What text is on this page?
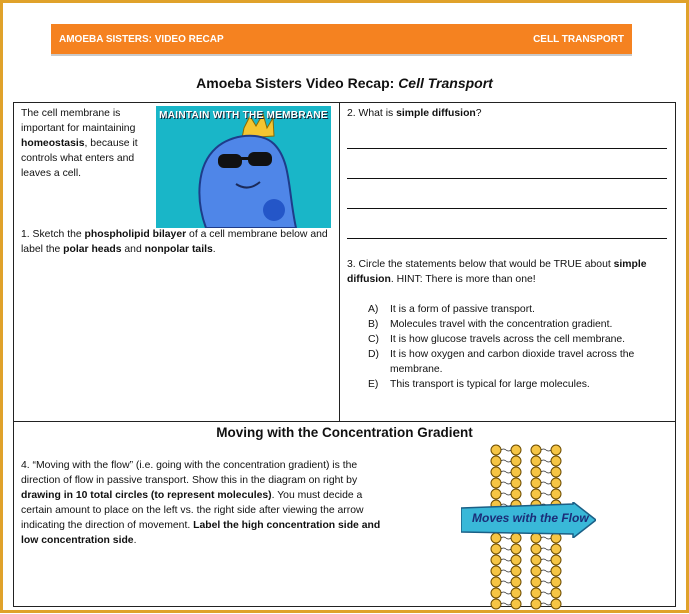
AMOEBA SISTERS: VIDEO RECAP	CELL TRANSPORT
Amoeba Sisters Video Recap: Cell Transport
The cell membrane is important for maintaining homeostasis, because it controls what enters and leaves a cell.
MAINTAIN WITH THE MEMBRANE
1. Sketch the phospholipid bilayer of a cell membrane below and label the polar heads and nonpolar tails.
2. What is simple diffusion?
3. Circle the statements below that would be TRUE about simple diffusion. HINT: There is more than one!
A)	It is a form of passive transport.
B)	Molecules travel with the concentration gradient.
C)	It is how glucose travels across the cell membrane.
D)	It is how oxygen and carbon dioxide travel across the membrane.
E)	This transport is typical for large molecules.
Moving with the Concentration Gradient
4. “Moving with the flow” (i.e. going with the concentration gradient) is the direction of flow in passive transport. Show this in the diagram on right by drawing in 10 total circles (to represent molecules). You must decide a certain amount to place on the left vs. the right side after viewing the arrow indicating the direction of movement. Label the high concentration side and low concentration side.
Moves with the Flow
